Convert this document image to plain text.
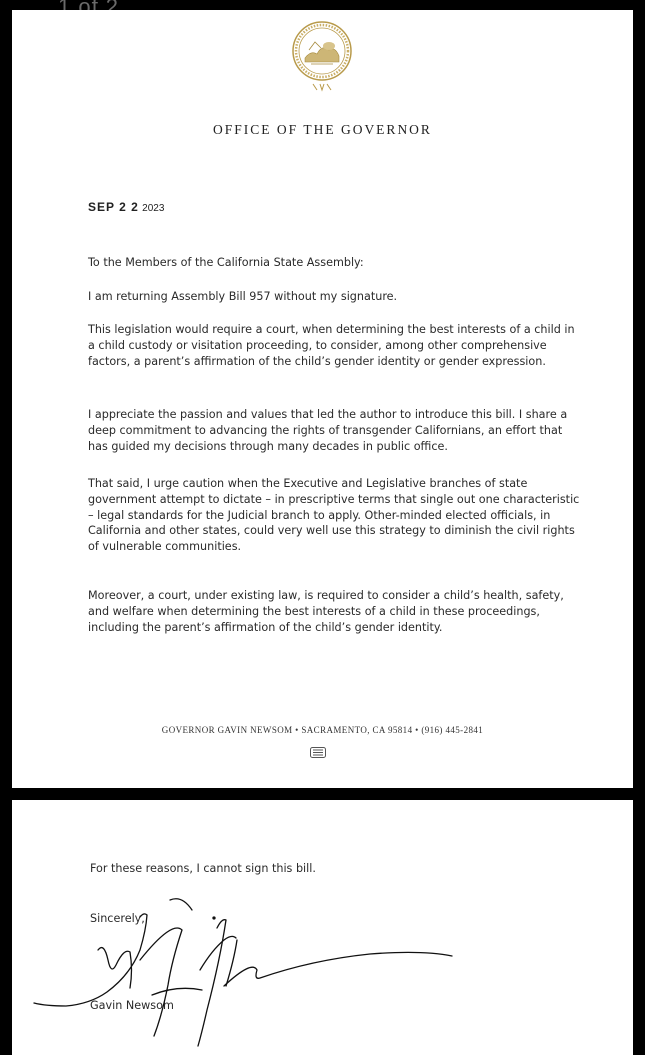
OFFICE OF THE GOVERNOR
SEP 2 2 2023

To the Members of the California State Assembly:

I am returning Assembly Bill 957 without my signature.

This legislation would require a court, when determining the best interests of a child in a child custody or visitation proceeding, to consider, among other comprehensive factors, a parent’s affirmation of the child’s gender identity or gender expression.

I appreciate the passion and values that led the author to introduce this bill. I share a deep commitment to advancing the rights of transgender Californians, an effort that has guided my decisions through many decades in public office.

That said, I urge caution when the Executive and Legislative branches of state government attempt to dictate – in prescriptive terms that single out one characteristic – legal standards for the Judicial branch to apply. Other-minded elected officials, in California and other states, could very well use this strategy to diminish the civil rights of vulnerable communities.

Moreover, a court, under existing law, is required to consider a child’s health, safety, and welfare when determining the best interests of a child in these proceedings, including the parent’s affirmation of the child’s gender identity.

GOVERNOR GAVIN NEWSOM • SACRAMENTO, CA 95814 • (916) 445-2841
For these reasons, I cannot sign this bill.
Sincerely,
Gavin Newsom
